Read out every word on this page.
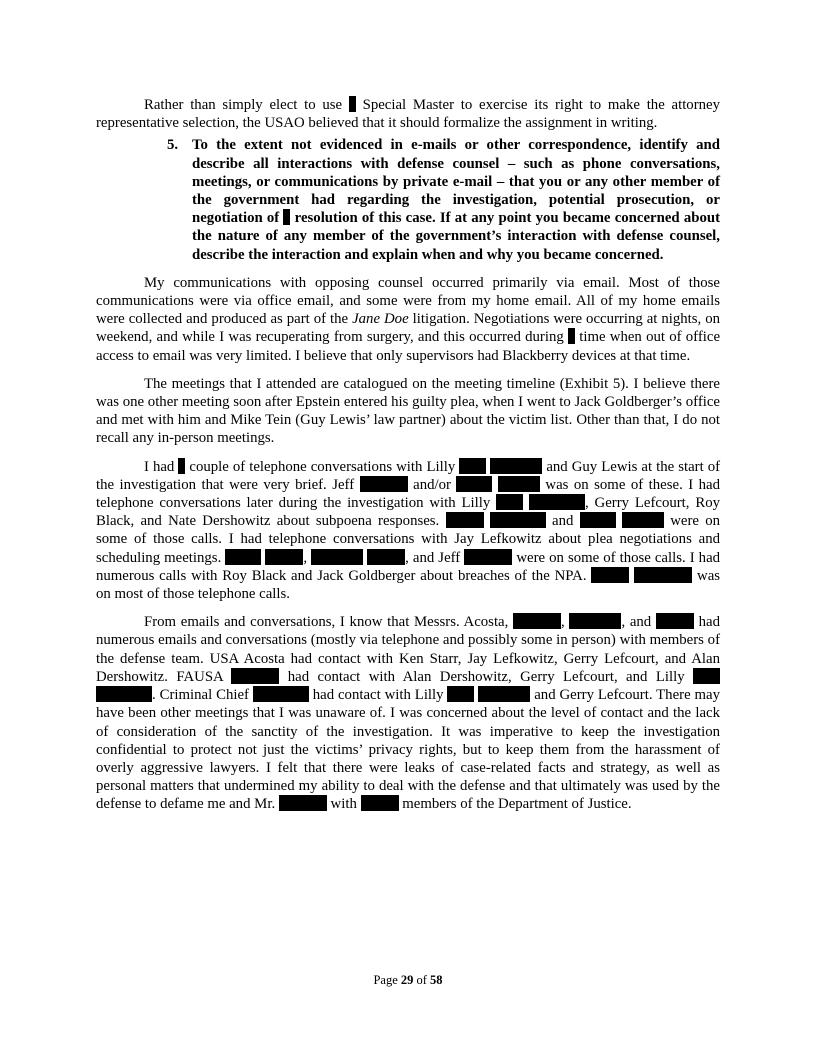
Rather than simply elect to use Special Master to exercise its right to make the attorney representative selection, the USAO believed that it should formalize the assignment in writing.

5. To the extent not evidenced in e-mails or other correspondence, identify and describe all interactions with defense counsel – such as phone conversations, meetings, or communications by private e-mail – that you or any other member of the government had regarding the investigation, potential prosecution, or negotiation of resolution of this case. If at any point you became concerned about the nature of any member of the government’s interaction with defense counsel, describe the interaction and explain when and why you became concerned.

My communications with opposing counsel occurred primarily via email. Most of those communications were via office email, and some were from my home email. All of my home emails were collected and produced as part of the Jane Doe litigation. Negotiations were occurring at nights, on weekend, and while I was recuperating from surgery, and this occurred during time when out of office access to email was very limited. I believe that only supervisors had Blackberry devices at that time.

The meetings that I attended are catalogued on the meeting timeline (Exhibit 5). I believe there was one other meeting soon after Epstein entered his guilty plea, when I went to Jack Goldberger’s office and met with him and Mike Tein (Guy Lewis’ law partner) about the victim list. Other than that, I do not recall any in-person meetings.

I had couple of telephone conversations with Lilly	and Guy Lewis at the start of the investigation that were very brief. Jeff	and/or	was on some of these. I had telephone conversations later during the investigation with Lilly	, Gerry Lefcourt, Roy Black, and Nate Dershowitz about subpoena responses.	and	were on some of those calls. I had telephone conversations with Jay Lefkowitz about plea negotiations and scheduling meetings.	,	, and Jeff	were on some of those calls. I had numerous calls with Roy Black and Jack Goldberger about breaches of the NPA.	was on most of those telephone calls.

From emails and conversations, I know that Messrs. Acosta,	,	, and	had numerous emails and conversations (mostly via telephone and possibly some in person) with members of the defense team. USA Acosta had contact with Ken Starr, Jay Lefkowitz, Gerry Lefcourt, and Alan Dershowitz. FAUSA	had contact with Alan Dershowitz, Gerry Lefcourt, and Lilly  . Criminal Chief	had contact with Lilly	and Gerry Lefcourt. There may have been other meetings that I was unaware of. I was concerned about the level of contact and the lack of consideration of the sanctity of the investigation. It was imperative to keep the investigation confidential to protect not just the victims’ privacy rights, but to keep them from the harassment of overly aggressive lawyers. I felt that there were leaks of case-related facts and strategy, as well as personal matters that undermined my ability to deal with the defense and that ultimately was used by the defense to defame me and Mr.	with	members of the Department of Justice.

Page 29 of 58
